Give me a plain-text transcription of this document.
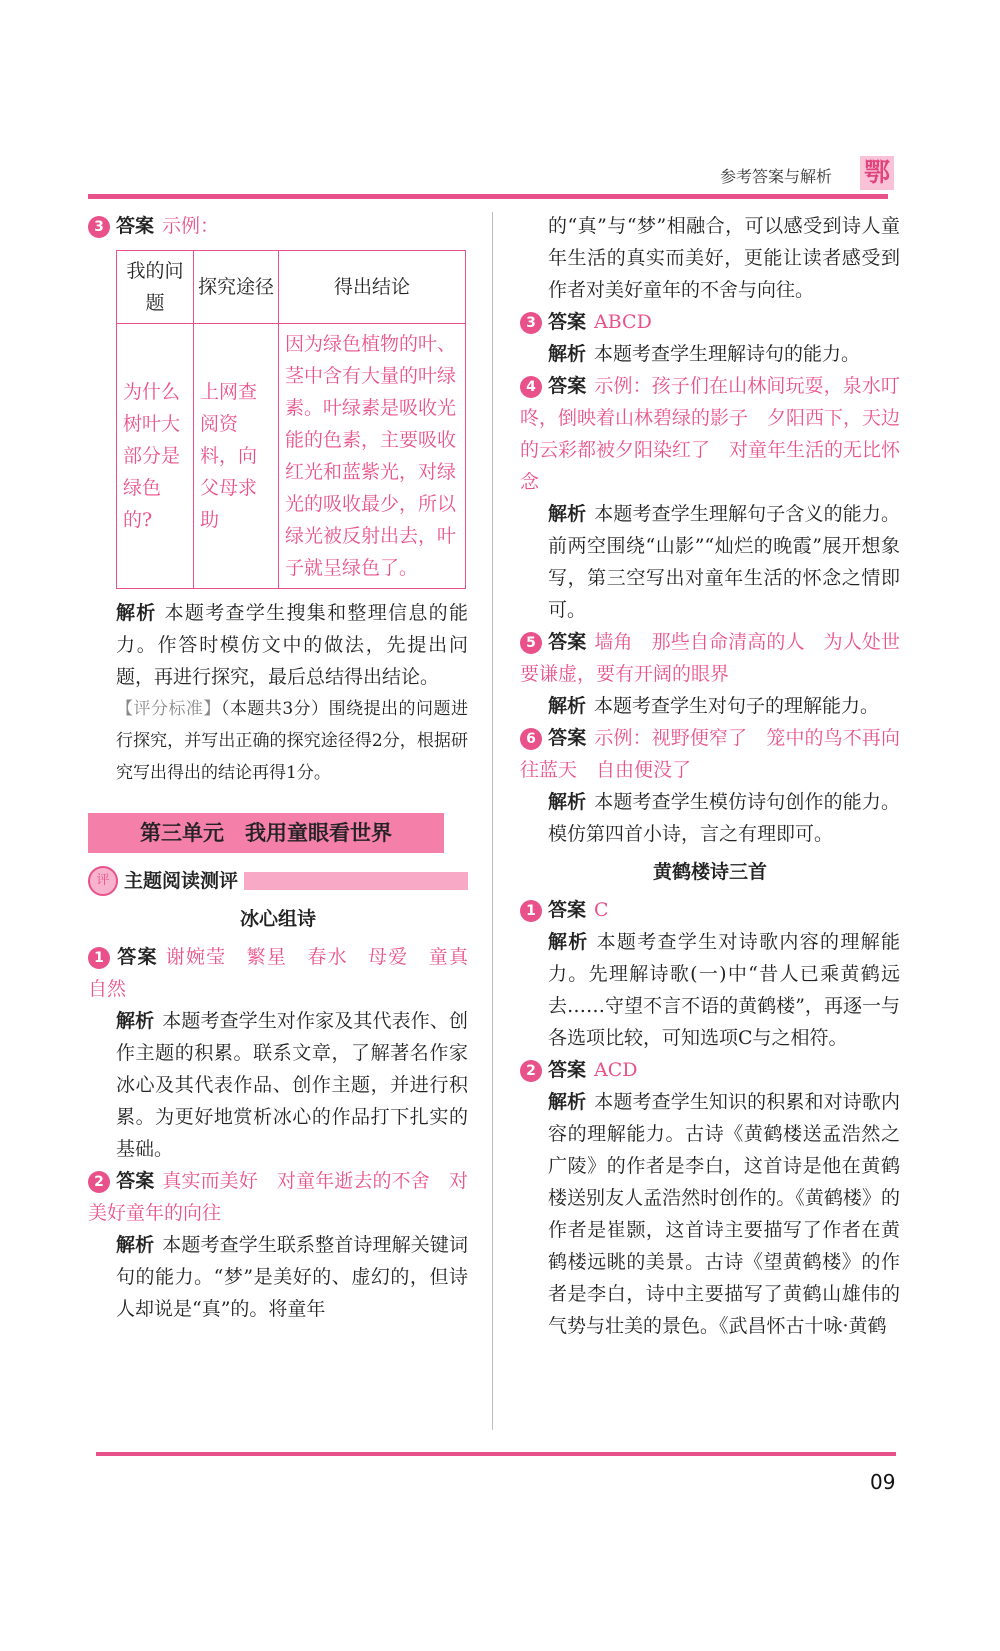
参考答案与解析 鄂
3 答案 示例：
我的问题	探究途径	得出结论
为什么树叶大部分是绿色的?	上网查阅资料，向父母求助	因为绿色植物的叶、茎中含有大量的叶绿素。叶绿素是吸收光能的色素，主要吸收红光和蓝紫光，对绿光的吸收最少，所以绿光被反射出去，叶子就呈绿色了。

解析 本题考查学生搜集和整理信息的能力。作答时模仿文中的做法，先提出问题，再进行探究，最后总结得出结论。

【评分标准】（本题共3分）围绕提出的问题进行探究，并写出正确的探究途径得2分，根据研究写出得出的结论再得1分。

第三单元　我用童眼看世界
评 主题阅读测评
冰心组诗

1 答案 谢婉莹　繁星　春水　母爱　童真　自然

解析 本题考查学生对作家及其代表作、创作主题的积累。联系文章，了解著名作家冰心及其代表作品、创作主题，并进行积累。为更好地赏析冰心的作品打下扎实的基础。

2 答案 真实而美好　对童年逝去的不舍　对美好童年的向往

解析 本题考查学生联系整首诗理解关键词句的能力。“梦”是美好的、虚幻的，但诗人却说是“真”的。将童年

的“真”与“梦”相融合，可以感受到诗人童年生活的真实而美好，更能让读者感受到作者对美好童年的不舍与向往。

3 答案 ABCD

解析 本题考查学生理解诗句的能力。

4 答案 示例：孩子们在山林间玩耍，泉水叮咚，倒映着山林碧绿的影子　夕阳西下，天边的云彩都被夕阳染红了　对童年生活的无比怀念

解析 本题考查学生理解句子含义的能力。前两空围绕“山影”“灿烂的晚霞”展开想象写，第三空写出对童年生活的怀念之情即可。

5 答案 墙角　那些自命清高的人　为人处世要谦虚，要有开阔的眼界

解析 本题考查学生对句子的理解能力。

6 答案 示例：视野便窄了　笼中的鸟不再向往蓝天　自由便没了

解析 本题考查学生模仿诗句创作的能力。模仿第四首小诗，言之有理即可。

黄鹤楼诗三首

1 答案 C

解析 本题考查学生对诗歌内容的理解能力。先理解诗歌(一)中“昔人已乘黄鹤远去……守望不言不语的黄鹤楼”，再逐一与各选项比较，可知选项C与之相符。

2 答案 ACD

解析 本题考查学生知识的积累和对诗歌内容的理解能力。古诗《黄鹤楼送孟浩然之广陵》的作者是李白，这首诗是他在黄鹤楼送别友人孟浩然时创作的。《黄鹤楼》的作者是崔颢，这首诗主要描写了作者在黄鹤楼远眺的美景。古诗《望黄鹤楼》的作者是李白，诗中主要描写了黄鹤山雄伟的气势与壮美的景色。《武昌怀古十咏·黄鹤

09
